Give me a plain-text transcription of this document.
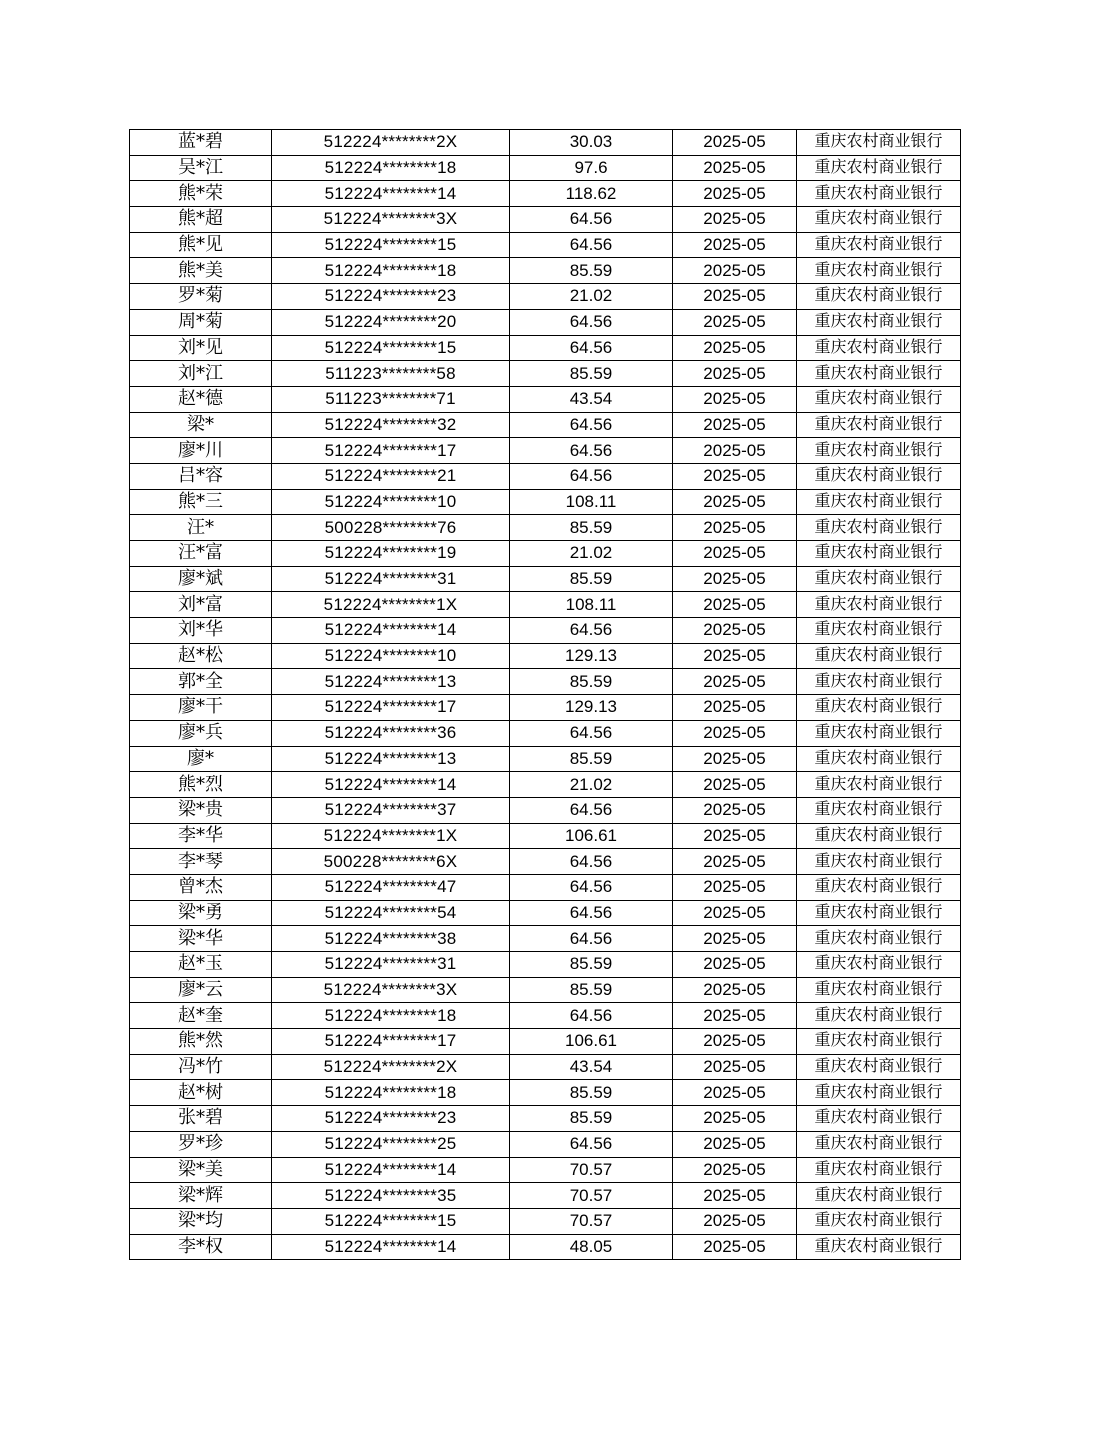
蓝*碧	512224********2X	30.03	2025-05	重庆农村商业银行
吴*江	512224********18	97.6	2025-05	重庆农村商业银行
熊*荣	512224********14	118.62	2025-05	重庆农村商业银行
熊*超	512224********3X	64.56	2025-05	重庆农村商业银行
熊*见	512224********15	64.56	2025-05	重庆农村商业银行
熊*美	512224********18	85.59	2025-05	重庆农村商业银行
罗*菊	512224********23	21.02	2025-05	重庆农村商业银行
周*菊	512224********20	64.56	2025-05	重庆农村商业银行
刘*见	512224********15	64.56	2025-05	重庆农村商业银行
刘*江	511223********58	85.59	2025-05	重庆农村商业银行
赵*德	511223********71	43.54	2025-05	重庆农村商业银行
梁*	512224********32	64.56	2025-05	重庆农村商业银行
廖*川	512224********17	64.56	2025-05	重庆农村商业银行
吕*容	512224********21	64.56	2025-05	重庆农村商业银行
熊*三	512224********10	108.11	2025-05	重庆农村商业银行
汪*	500228********76	85.59	2025-05	重庆农村商业银行
汪*富	512224********19	21.02	2025-05	重庆农村商业银行
廖*斌	512224********31	85.59	2025-05	重庆农村商业银行
刘*富	512224********1X	108.11	2025-05	重庆农村商业银行
刘*华	512224********14	64.56	2025-05	重庆农村商业银行
赵*松	512224********10	129.13	2025-05	重庆农村商业银行
郭*全	512224********13	85.59	2025-05	重庆农村商业银行
廖*干	512224********17	129.13	2025-05	重庆农村商业银行
廖*兵	512224********36	64.56	2025-05	重庆农村商业银行
廖*	512224********13	85.59	2025-05	重庆农村商业银行
熊*烈	512224********14	21.02	2025-05	重庆农村商业银行
梁*贵	512224********37	64.56	2025-05	重庆农村商业银行
李*华	512224********1X	106.61	2025-05	重庆农村商业银行
李*琴	500228********6X	64.56	2025-05	重庆农村商业银行
曾*杰	512224********47	64.56	2025-05	重庆农村商业银行
梁*勇	512224********54	64.56	2025-05	重庆农村商业银行
梁*华	512224********38	64.56	2025-05	重庆农村商业银行
赵*玉	512224********31	85.59	2025-05	重庆农村商业银行
廖*云	512224********3X	85.59	2025-05	重庆农村商业银行
赵*奎	512224********18	64.56	2025-05	重庆农村商业银行
熊*然	512224********17	106.61	2025-05	重庆农村商业银行
冯*竹	512224********2X	43.54	2025-05	重庆农村商业银行
赵*树	512224********18	85.59	2025-05	重庆农村商业银行
张*碧	512224********23	85.59	2025-05	重庆农村商业银行
罗*珍	512224********25	64.56	2025-05	重庆农村商业银行
梁*美	512224********14	70.57	2025-05	重庆农村商业银行
梁*辉	512224********35	70.57	2025-05	重庆农村商业银行
梁*均	512224********15	70.57	2025-05	重庆农村商业银行
李*权	512224********14	48.05	2025-05	重庆农村商业银行
